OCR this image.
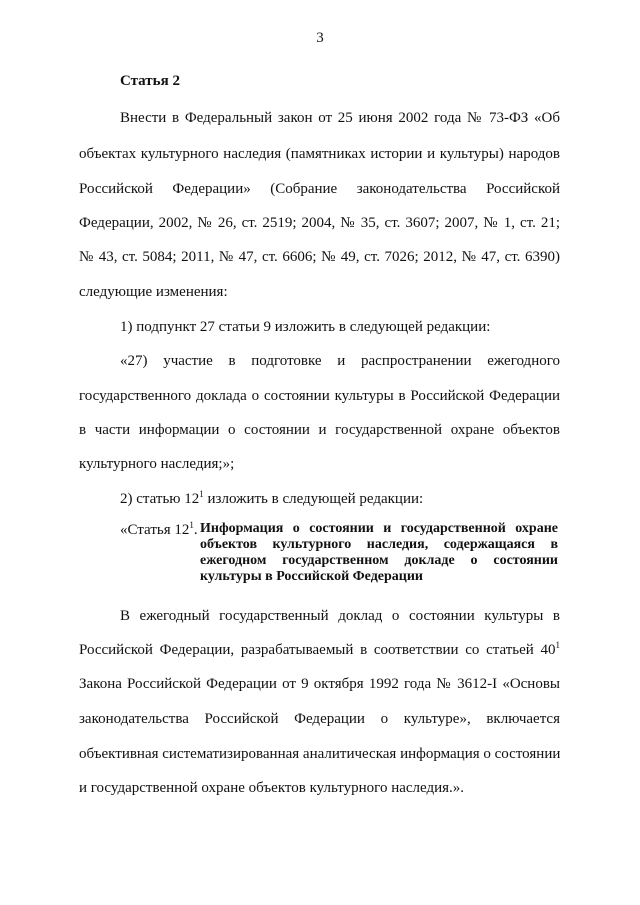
3
Статья 2
Внести в Федеральный закон от 25 июня 2002 года № 73-ФЗ «Об
объектах культурного наследия (памятниках истории и культуры) народов
Российской Федерации» (Собрание законодательства Российской
Федерации, 2002, № 26, ст. 2519; 2004, № 35, ст. 3607; 2007, № 1, ст. 21;
№ 43, ст. 5084; 2011, № 47, ст. 6606; № 49, ст. 7026; 2012, № 47, ст. 6390)
следующие изменения:
1) подпункт 27 статьи 9 изложить в следующей редакции:
«27) участие в подготовке и распространении ежегодного
государственного доклада о состоянии культуры в Российской Федерации
в части информации о состоянии и государственной охране объектов
культурного наследия;»;
2) статью $12^1$ изложить в следующей редакции:
«Статья $12^1$. Информация о состоянии и государственной охране
объектов культурного наследия, содержащаяся в
ежегодном государственном докладе о состоянии
культуры в Российской Федерации
В ежегодный государственный доклад о состоянии культуры в
Российской Федерации, разрабатываемый в соответствии со статьей $40^1$
Закона Российской Федерации от 9 октября 1992 года № 3612-I «Основы
законодательства Российской Федерации о культуре», включается
объективная систематизированная аналитическая информация о состоянии
и государственной охране объектов культурного наследия.».
